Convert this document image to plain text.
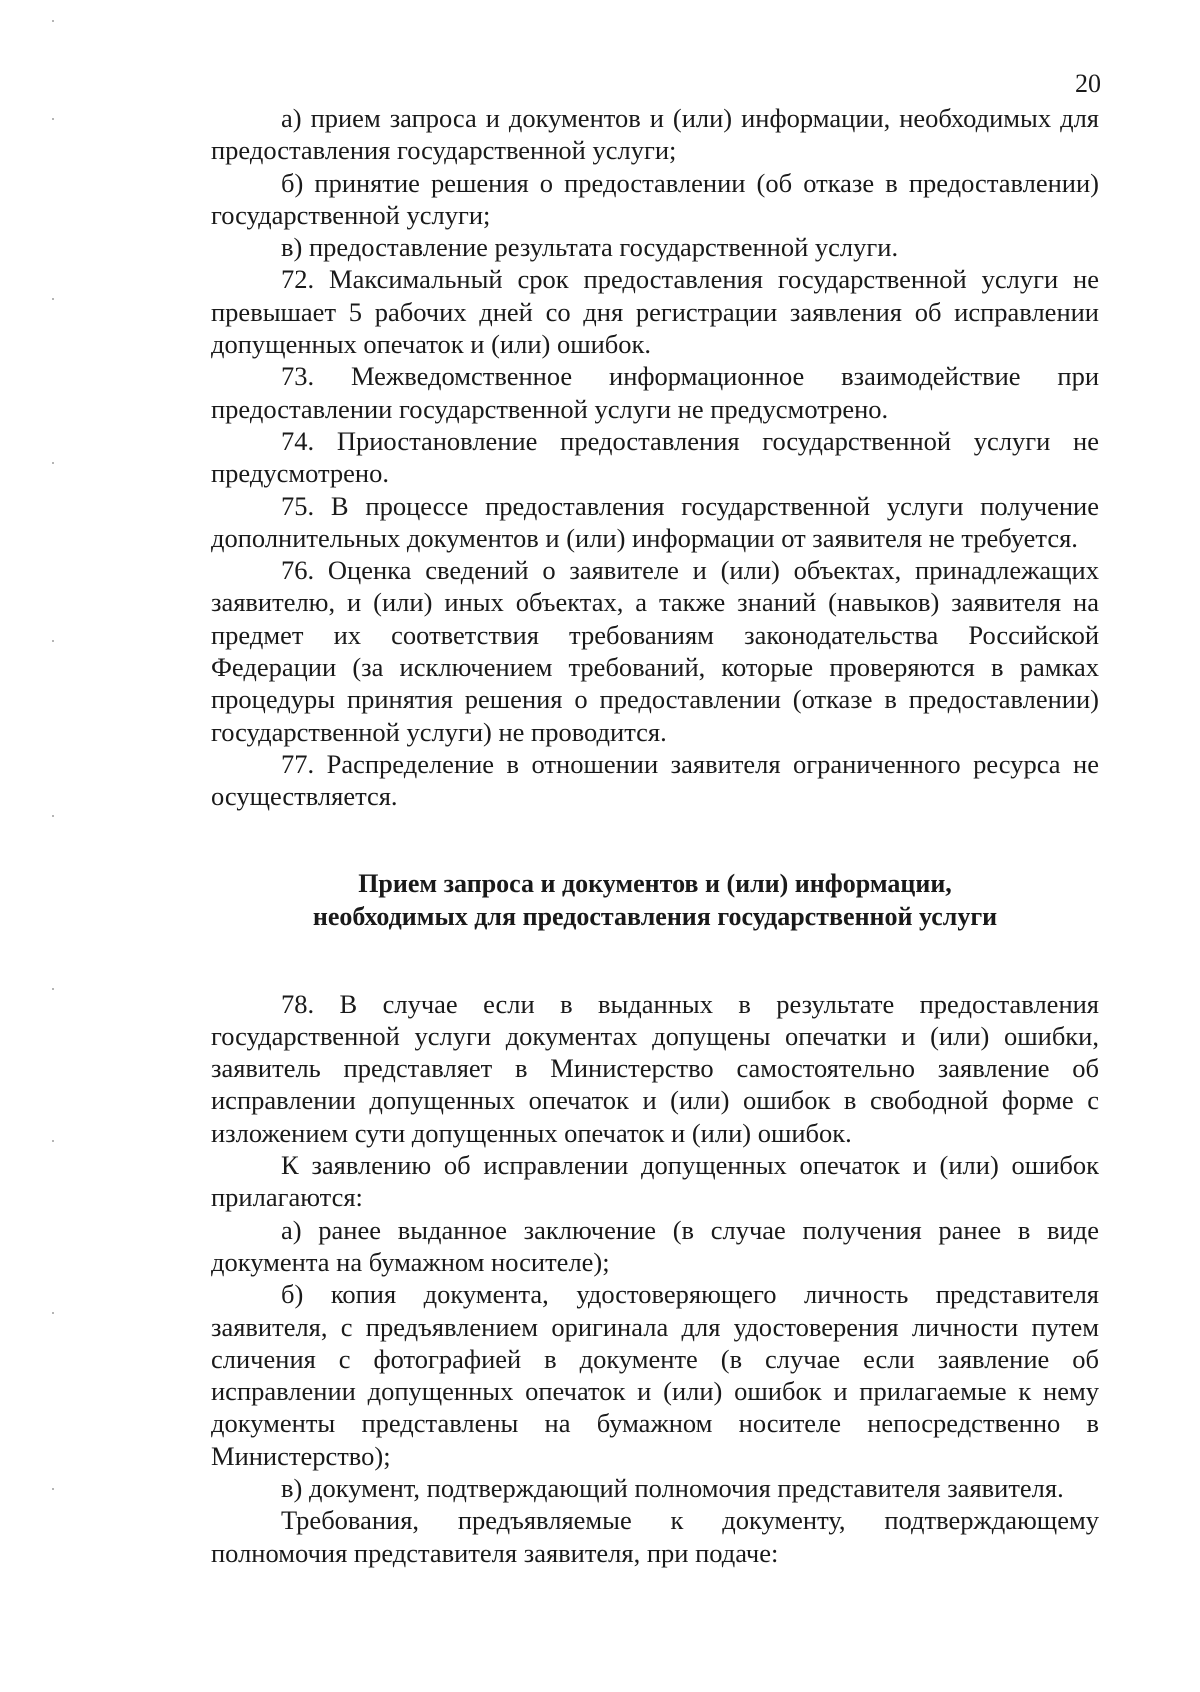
20

а) прием запроса и документов и (или) информации, необходимых для предоставления государственной услуги;

б) принятие решения о предоставлении (об отказе в предоставлении) государственной услуги;

в) предоставление результата государственной услуги.

72. Максимальный срок предоставления государственной услуги не превышает 5 рабочих дней со дня регистрации заявления об исправлении допущенных опечаток и (или) ошибок.

73. Межведомственное информационное взаимодействие при предоставлении государственной услуги не предусмотрено.

74. Приостановление предоставления государственной услуги не предусмотрено.

75. В процессе предоставления государственной услуги получение дополнительных документов и (или) информации от заявителя не требуется.

76. Оценка сведений о заявителе и (или) объектах, принадлежащих заявителю, и (или) иных объектах, а также знаний (навыков) заявителя на предмет их соответствия требованиям законодательства Российской Федерации (за исключением требований, которые проверяются в рамках процедуры принятия решения о предоставлении (отказе в предоставлении) государственной услуги) не проводится.

77. Распределение в отношении заявителя ограниченного ресурса не осуществляется.

Прием запроса и документов и (или) информации,

необходимых для предоставления государственной услуги

78. В случае если в выданных в результате предоставления государственной услуги документах допущены опечатки и (или) ошибки, заявитель представляет в Министерство самостоятельно заявление об исправлении допущенных опечаток и (или) ошибок в свободной форме с изложением сути допущенных опечаток и (или) ошибок.

К заявлению об исправлении допущенных опечаток и (или) ошибок прилагаются:

а) ранее выданное заключение (в случае получения ранее в виде документа на бумажном носителе);

б) копия документа, удостоверяющего личность представителя заявителя, с предъявлением оригинала для удостоверения личности путем сличения с фотографией в документе (в случае если заявление об исправлении допущенных опечаток и (или) ошибок и прилагаемые к нему документы представлены на бумажном носителе непосредственно в Министерство);

в) документ, подтверждающий полномочия представителя заявителя.

Требования, предъявляемые к документу, подтверждающему полномочия представителя заявителя, при подаче:
